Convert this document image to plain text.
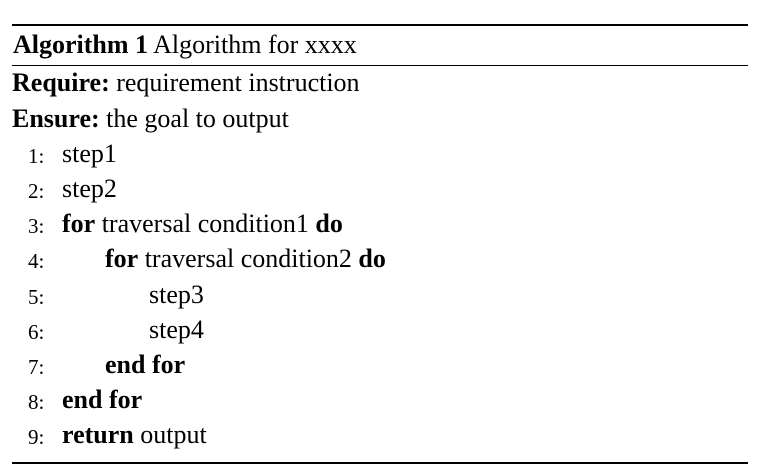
Algorithm 1 Algorithm for xxxx
Require: requirement instruction
Ensure: the goal to output
1: step1
2: step2
3: for traversal condition1 do
4:	for traversal condition2 do
5:	step3
6:	step4
7:	end for
8: end for
9: return output
